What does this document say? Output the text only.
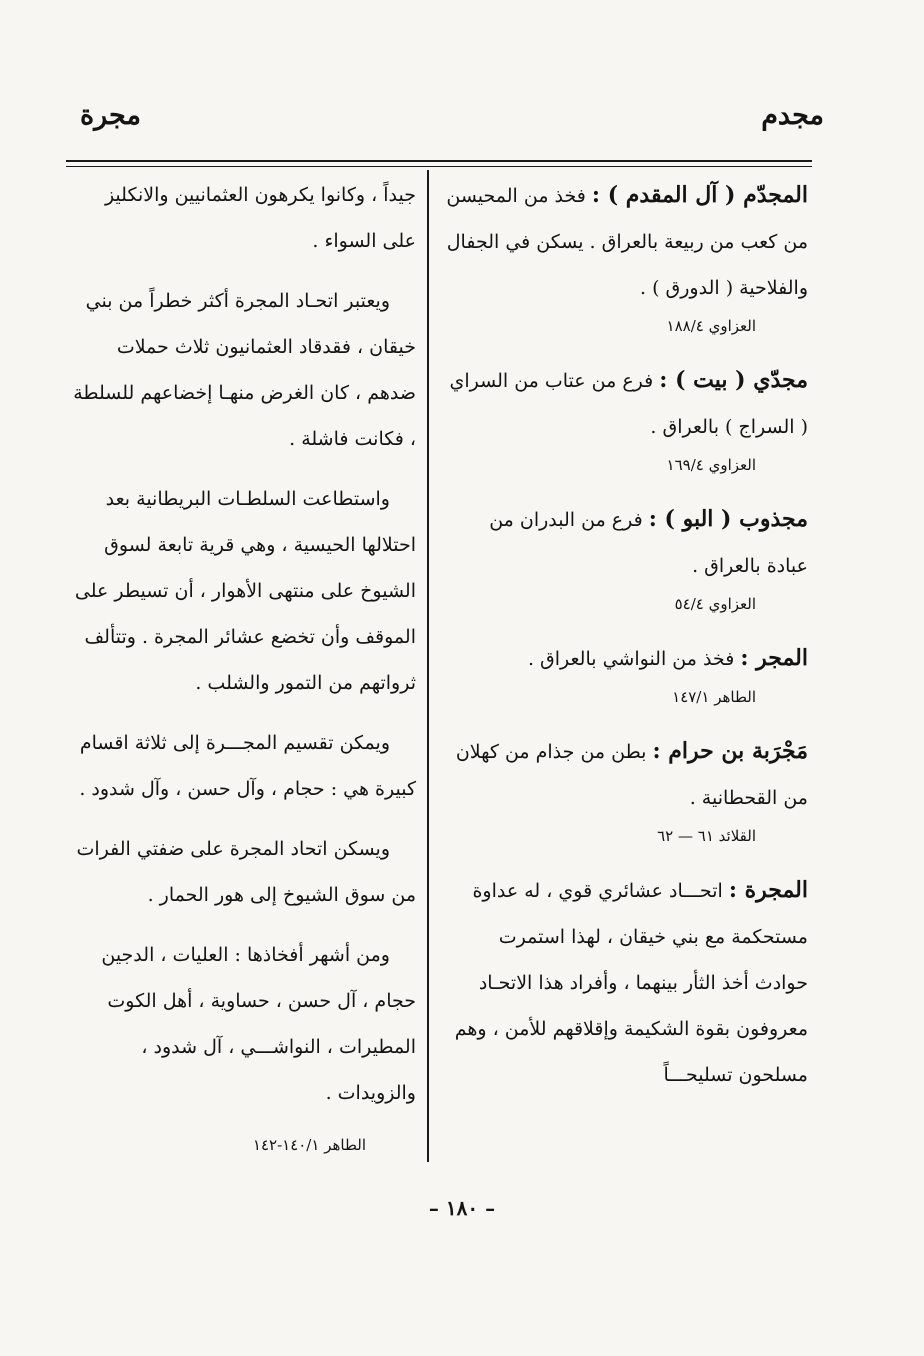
مجدم
مجرة
المجدّم ( آل المقدم ) : فخذ من المحيسن من كعب من ربيعة بالعراق . يسكن في الجفال والفلاحية ( الدورق ) .
العزاوي ١٨٨/٤
مجدّي ( بيت ) : فرع من عتاب من السراي ( السراج ) بالعراق .
العزاوي ١٦٩/٤
مجذوب ( البو ) : فرع من البدران من عبادة بالعراق .
العزاوي ٥٤/٤
المجر : فخذ من النواشي بالعراق .
الطاهر ١٤٧/١
مَجْرَبة بن حرام : بطن من جذام من كهلان من القحطانية .
القلائد ٦١ — ٦٢
المجرة : اتحـــاد عشائري قوي ، له عداوة مستحكمة مع بني خيقان ، لهذا استمرت حوادث أخذ الثأر بينهما ، وأفراد هذا الاتحـاد معروفون بقوة الشكيمة وإقلاقهم للأمن ، وهم مسلحون تسليحـــاً
جيداً ، وكانوا يكرهون العثمانيين والانكليز على السواء .
ويعتبر اتحـاد المجرة أكثر خطراً من بني خيقان ، فقدقاد العثمانيون ثلاث حملات ضدهم ، كان الغرض منهـا إخضاعهم للسلطة ، فكانت فاشلة .
واستطاعت السلطـات البريطانية بعد احتلالها الحيسية ، وهي قرية تابعة لسوق الشيوخ على منتهى الأهوار ، أن تسيطر على الموقف وأن تخضع عشائر المجرة . وتتألف ثرواتهم من التمور والشلب .
ويمكن تقسيم المجـــرة إلى ثلاثة اقسام كبيرة هي : حجام ، وآل حسن ، وآل شدود .
ويسكن اتحاد المجرة على ضفتي الفرات من سوق الشيوخ إلى هور الحمار .
ومن أشهر أفخاذها : العليات ، الدجين حجام ، آل حسن ، حساوية ، أهل الكوت المطيرات ، النواشـــي ، آل شدود ، والزويدات .
الطاهر ١٤٠/١-١٤٢
– ١٨٠ –
